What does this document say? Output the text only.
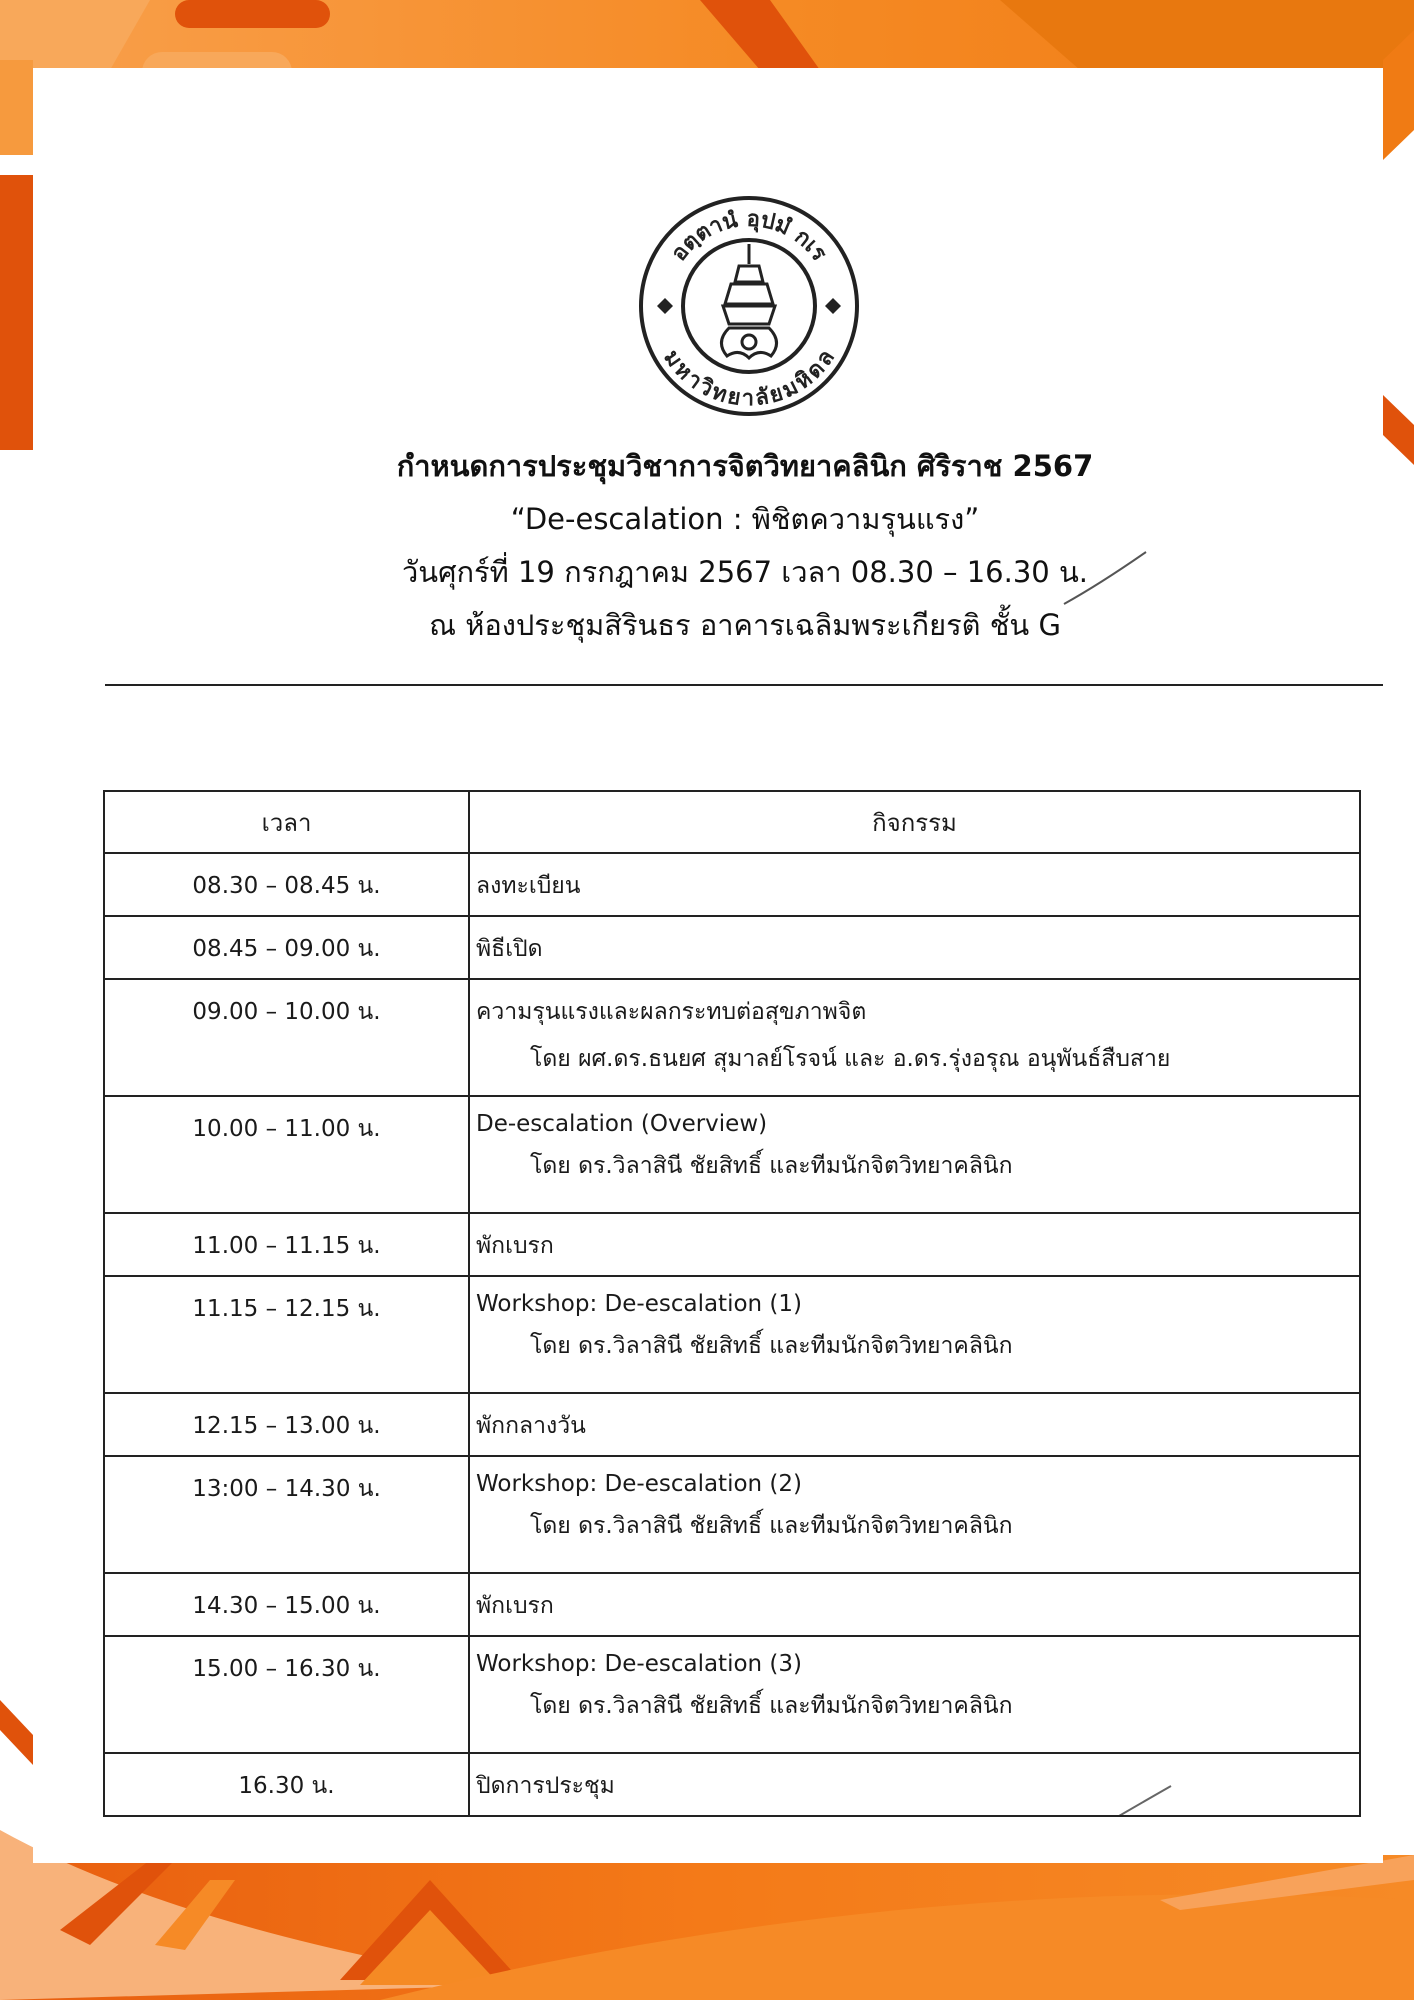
อตฺตานํ อุปมํ กเร
มหาวิทยาลัยมหิดล
กำหนดการประชุมวิชาการจิตวิทยาคลินิก ศิริราช 2567
“De-escalation : พิชิตความรุนแรง”
วันศุกร์ที่ 19 กรกฎาคม 2567 เวลา 08.30 – 16.30 น.
ณ ห้องประชุมสิรินธร อาคารเฉลิมพระเกียรติ ชั้น G
เวลา	กิจกรรม
08.30 – 08.45 น.	ลงทะเบียน
08.45 – 09.00 น.	พิธีเปิด
09.00 – 10.00 น.	ความรุนแรงและผลกระทบต่อสุขภาพจิต
โดย ผศ.ดร.ธนยศ สุมาลย์โรจน์ และ อ.ดร.รุ่งอรุณ อนุพันธ์สืบสาย

10.00 – 11.00 น.	De-escalation (Overview)
โดย ดร.วิลาสินี ชัยสิทธิ์ และทีมนักจิตวิทยาคลินิก

11.00 – 11.15 น.	พักเบรก
11.15 – 12.15 น.	Workshop: De-escalation (1)
โดย ดร.วิลาสินี ชัยสิทธิ์ และทีมนักจิตวิทยาคลินิก

12.15 – 13.00 น.	พักกลางวัน
13:00 – 14.30 น.	Workshop: De-escalation (2)
โดย ดร.วิลาสินี ชัยสิทธิ์ และทีมนักจิตวิทยาคลินิก

14.30 – 15.00 น.	พักเบรก
15.00 – 16.30 น.	Workshop: De-escalation (3)
โดย ดร.วิลาสินี ชัยสิทธิ์ และทีมนักจิตวิทยาคลินิก

16.30 น.	ปิดการประชุม
